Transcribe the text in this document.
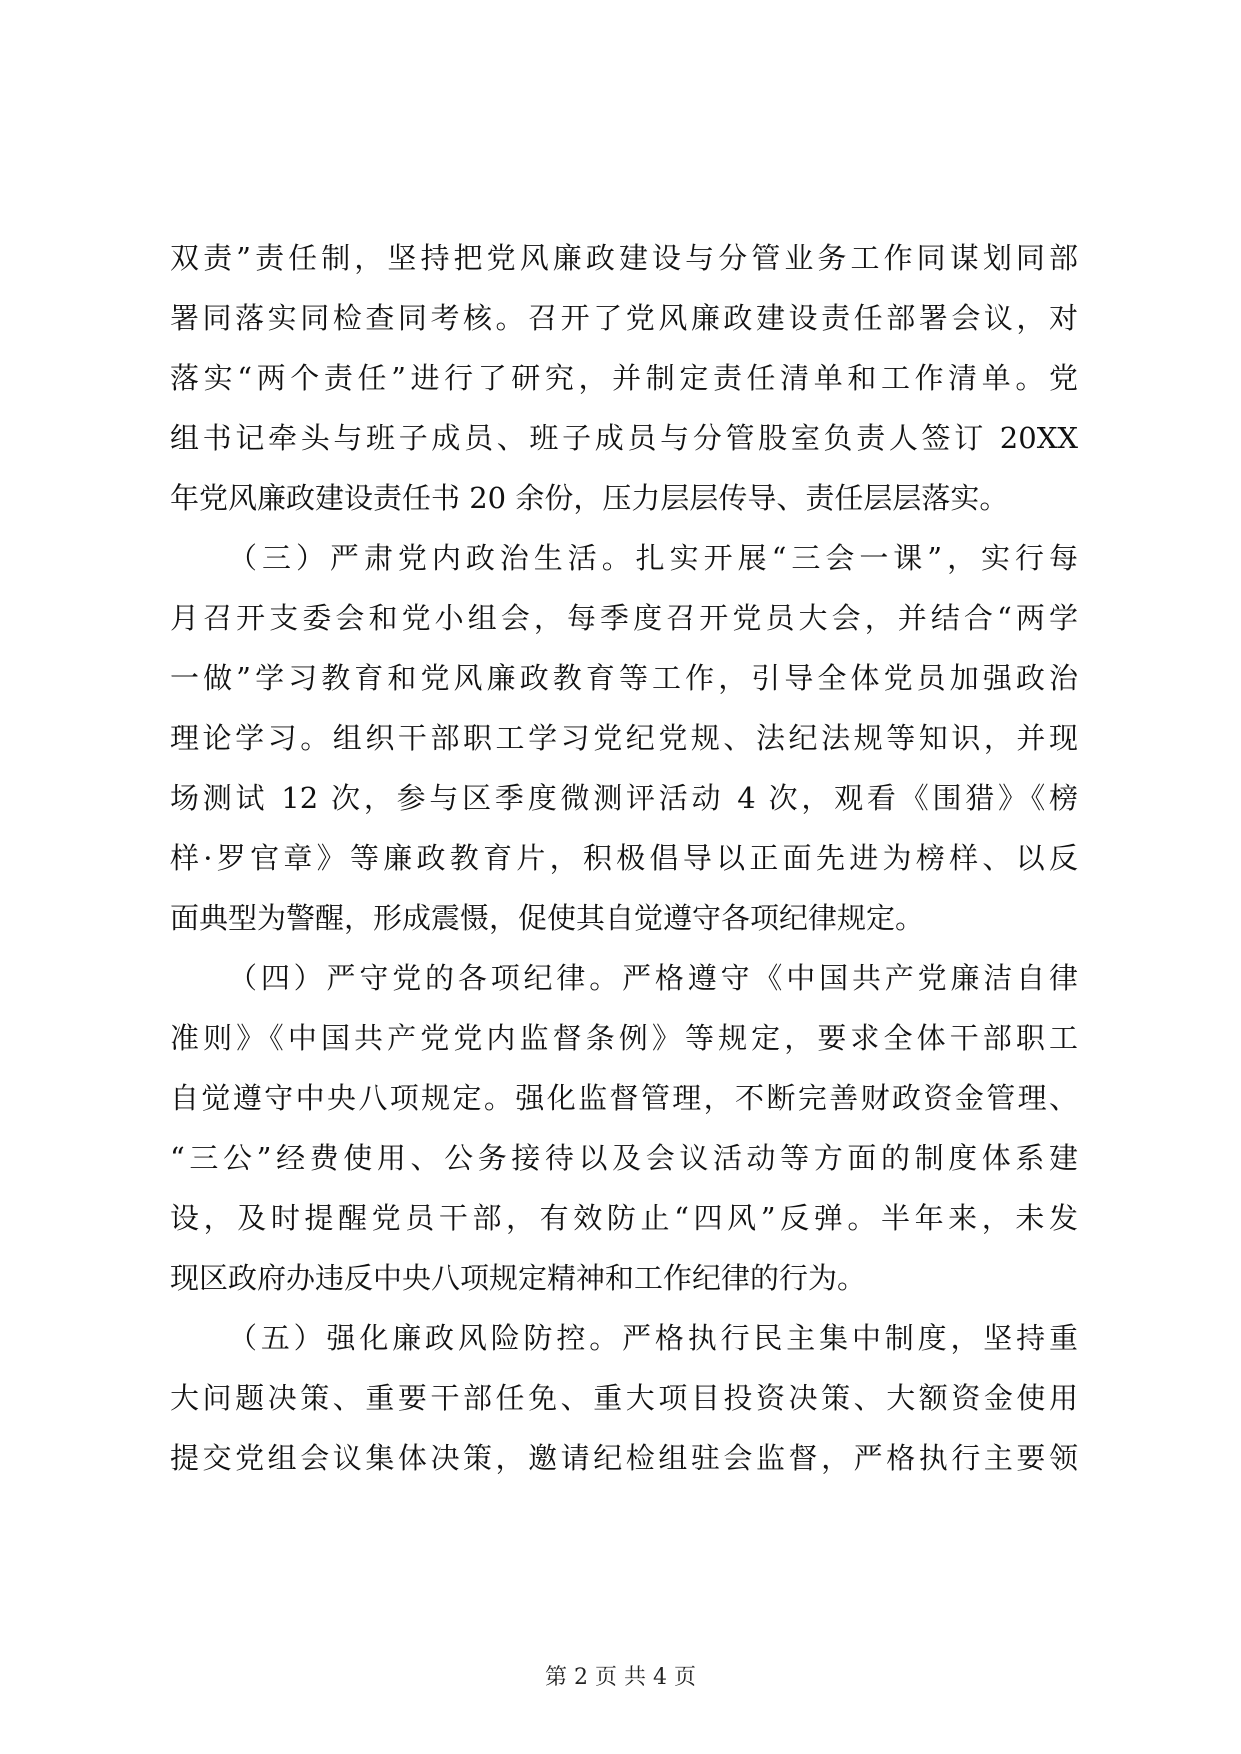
双责”责任制，坚持把党风廉政建设与分管业务工作同谋划同部
署同落实同检查同考核。召开了党风廉政建设责任部署会议，对
落实“两个责任”进行了研究，并制定责任清单和工作清单。党
组书记牵头与班子成员、班子成员与分管股室负责人签订 20XX
年党风廉政建设责任书 20 余份，压力层层传导、责任层层落实。
（三）严肃党内政治生活。扎实开展“三会一课”，实行每
月召开支委会和党小组会，每季度召开党员大会，并结合“两学
一做”学习教育和党风廉政教育等工作，引导全体党员加强政治
理论学习。组织干部职工学习党纪党规、法纪法规等知识，并现
场测试 12 次，参与区季度微测评活动 4 次，观看《围猎》《榜
样·罗官章》等廉政教育片，积极倡导以正面先进为榜样、以反
面典型为警醒，形成震慑，促使其自觉遵守各项纪律规定。
（四）严守党的各项纪律。严格遵守《中国共产党廉洁自律
准则》《中国共产党党内监督条例》等规定，要求全体干部职工
自觉遵守中央八项规定。强化监督管理，不断完善财政资金管理、
“三公”经费使用、公务接待以及会议活动等方面的制度体系建
设，及时提醒党员干部，有效防止“四风”反弹。半年来，未发
现区政府办违反中央八项规定精神和工作纪律的行为。
（五）强化廉政风险防控。严格执行民主集中制度，坚持重
大问题决策、重要干部任免、重大项目投资决策、大额资金使用
提交党组会议集体决策，邀请纪检组驻会监督，严格执行主要领
第 2 页 共 4 页
